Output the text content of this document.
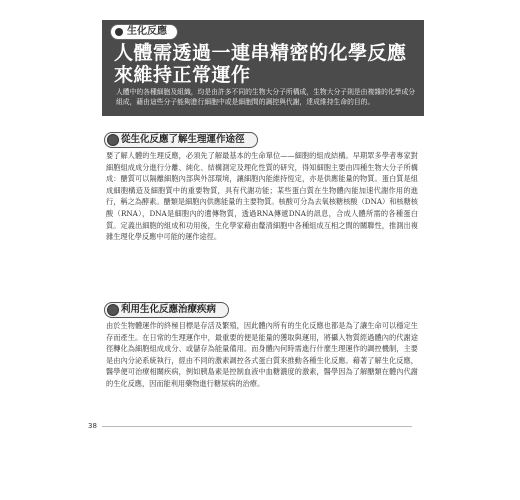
生化反應
人體需透過一連串精密的化學反應來維持正常運作
人體中的各種細胞及組織，均是由許多不同的生物大分子所構成，生物大分子則是由複雜的化學成分組成，藉由這些分子能夠進行細胞中或是細胞間的調控與代謝，達成維持生命的目的。
從生化反應了解生理運作途徑
要了解人體的生理反應，必須先了解最基本的生命單位——細胞的組成結構。早期眾多學者專家對細胞組成成分進行分離、純化、結構測定及理化性質的研究，得知細胞主要由四種生物大分子所構成：醣質可以隔離細胞內部與外部環境，讓細胞內能維持恆定，亦是供應能量的物質。蛋白質是組成細胞構造及細胞質中的重要物質，具有代謝功能；某些蛋白質在生物體內能加速代謝作用的進行，稱之為酵素。醣類是細胞內供應能量的主要物質。核酸可分為去氧核糖核酸（DNA）和核糖核酸（RNA），DNA是細胞內的遺傳物質，透過RNA傳遞DNA的訊息，合成人體所需的各種蛋白質。定義出細胞的組成和功用後，生化學家藉由釐清細胞中各種組成互相之間的關聯性，推測出複雜生理化學反應中可能的運作途徑。
利用生化反應治療疾病
由於生物體運作的終極目標是存活及繁殖，因此體內所有的生化反應也都是為了讓生命可以穩定生存而產生。在日常的生理運作中，最重要的便是能量的獲取與運用，將攝入物質經過體內的代謝途徑轉化為細胞組成成分、或儲存為能量備用。而身體內何時需進行什麼生理運作的調控機制，主要是由內分泌系統執行，經由不同的激素調控各式蛋白質來推動各種生化反應。藉著了解生化反應，醫學便可治療相關疾病，例如胰島素是控制血液中血糖濃度的激素，醫學因為了解醣類在體內代謝的生化反應，因而能利用藥物進行糖尿病的治療。
38
